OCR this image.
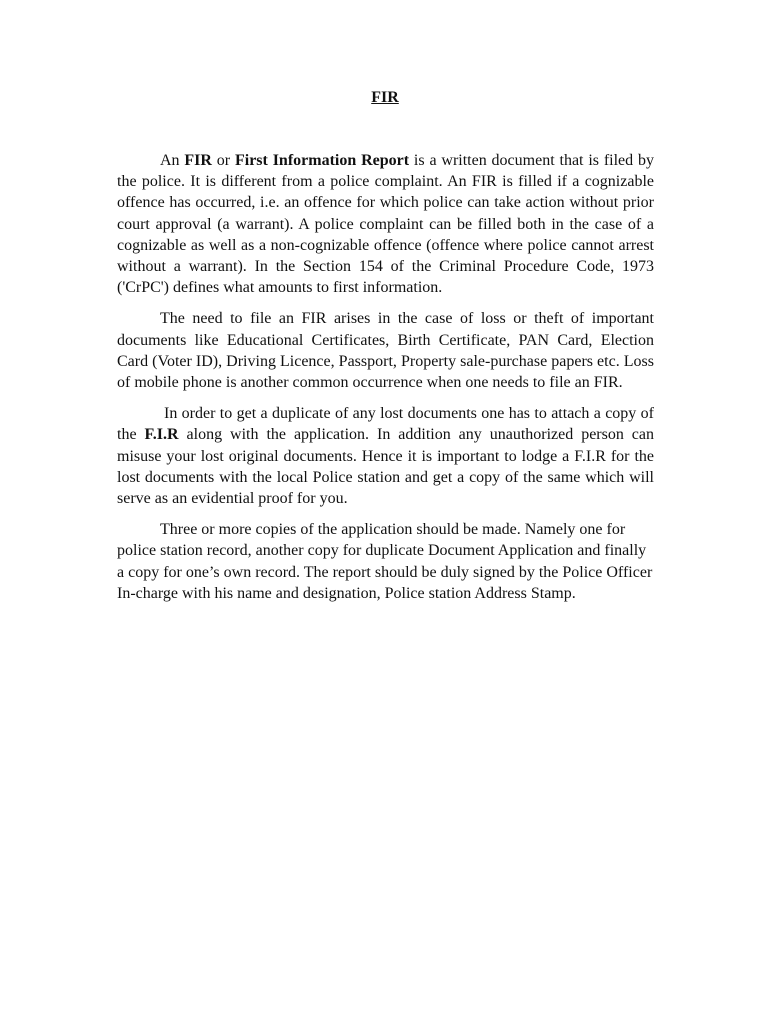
FIR

An FIR or First Information Report is a written document that is filed by the police. It is different from a police complaint. An FIR is filled if a cognizable offence has occurred, i.e. an offence for which police can take action without prior court approval (a warrant). A police complaint can be filled both in the case of a cognizable as well as a non-cognizable offence (offence where police cannot arrest without a warrant). In the Section 154 of the Criminal Procedure Code, 1973 ('CrPC') defines what amounts to first information.

The need to file an FIR arises in the case of loss or theft of important documents like Educational Certificates, Birth Certificate, PAN Card, Election Card (Voter ID), Driving Licence, Passport, Property sale-purchase papers etc. Loss of mobile phone is another common occurrence when one needs to file an FIR.

In order to get a duplicate of any lost documents one has to attach a copy of the F.I.R along with the application. In addition any unauthorized person can misuse your lost original documents. Hence it is important to lodge a F.I.R for the lost documents with the local Police station and get a copy of the same which will serve as an evidential proof for you.

Three or more copies of the application should be made. Namely one for police station record, another copy for duplicate Document Application and finally a copy for one’s own record. The report should be duly signed by the Police Officer In-charge with his name and designation, Police station Address Stamp.
